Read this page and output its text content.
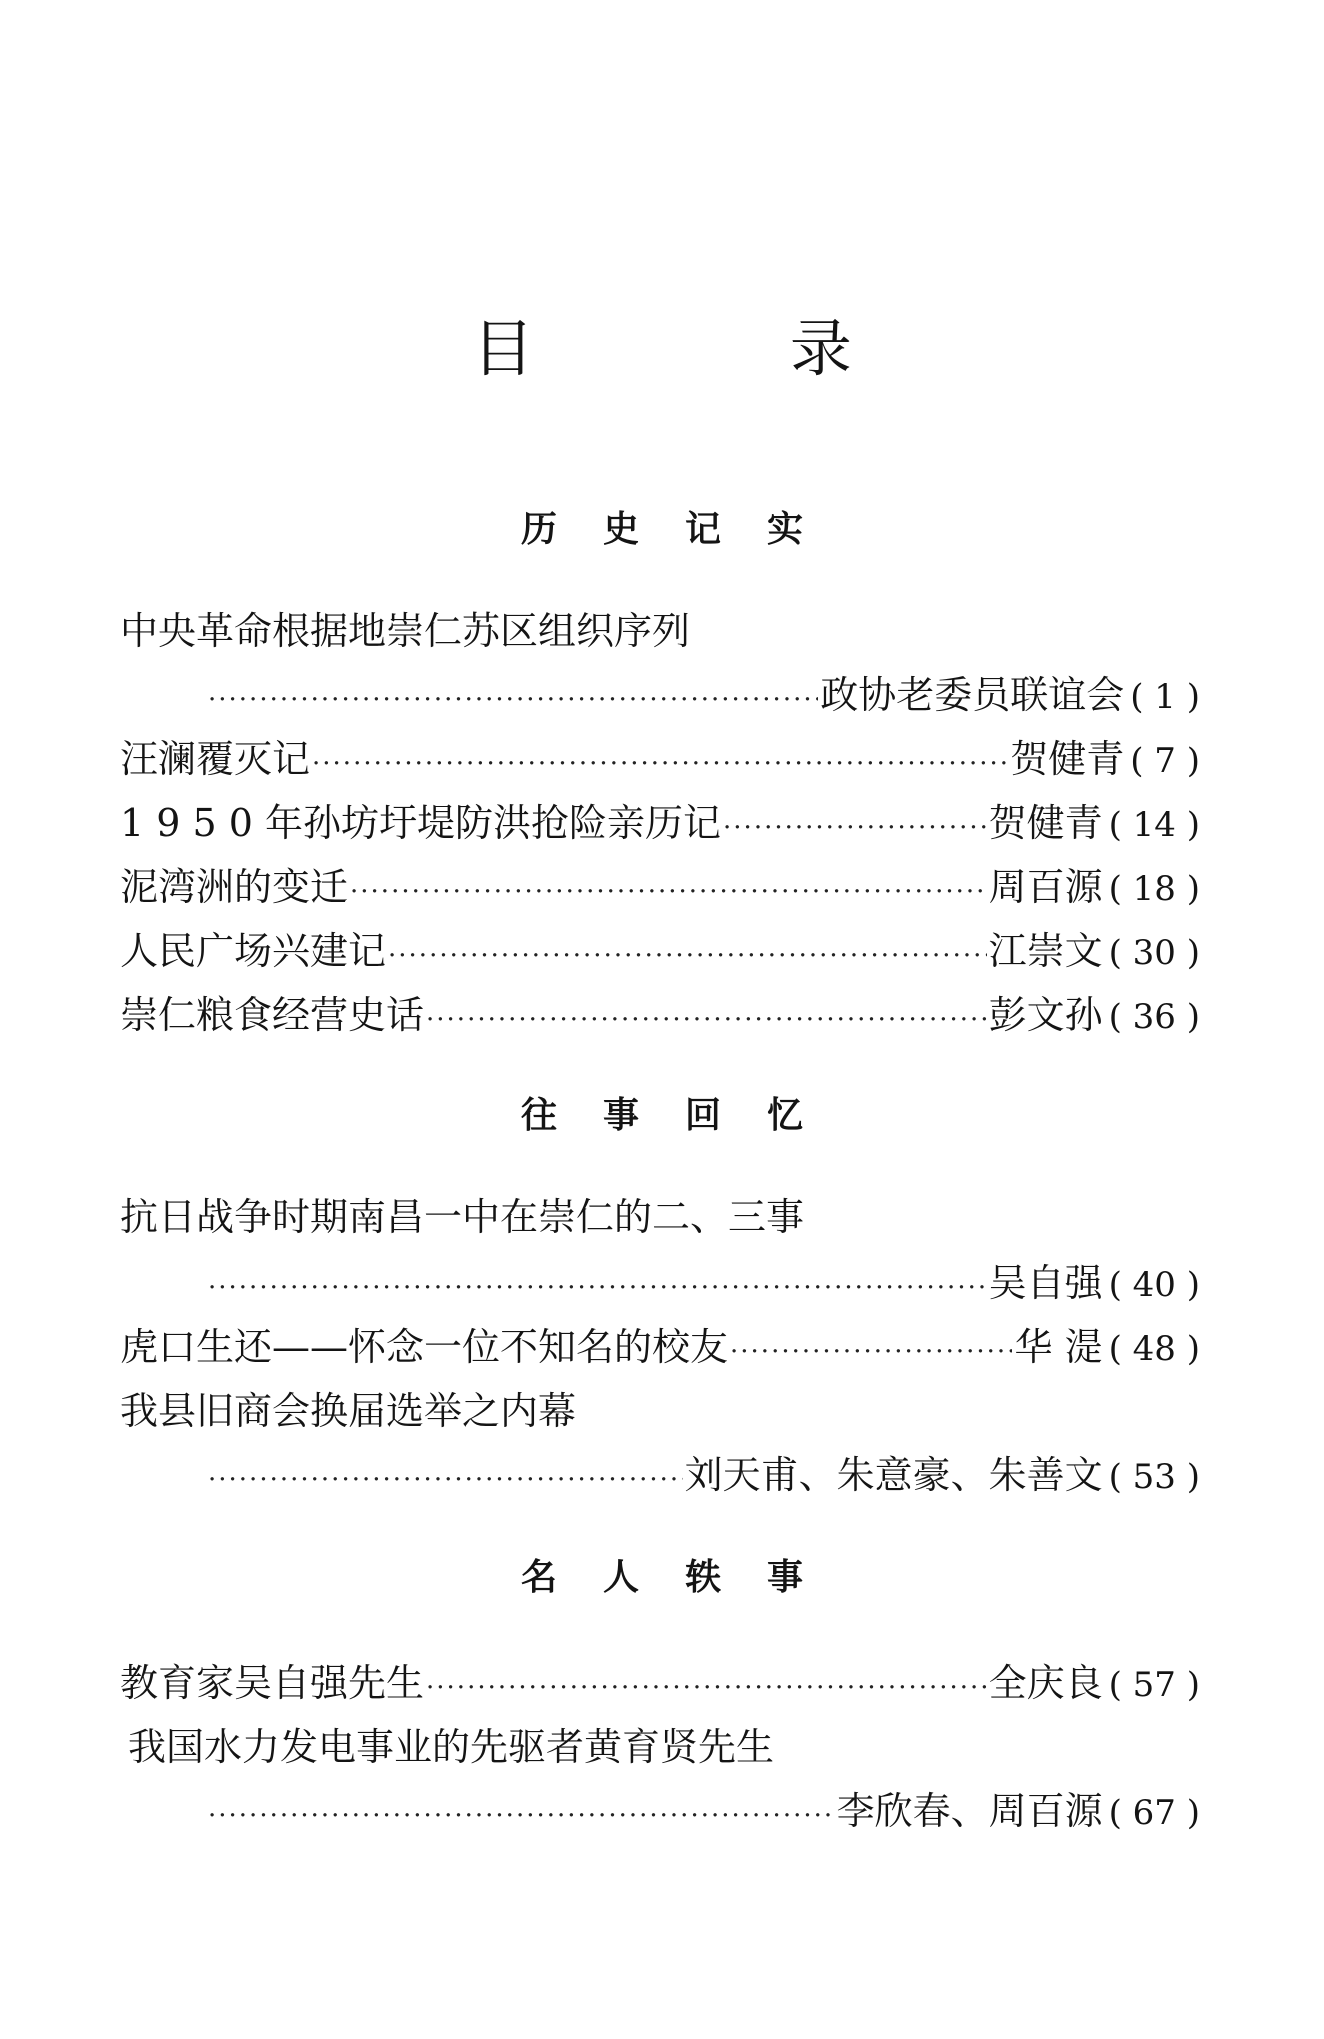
目 录
历史记实
中央革命根据地崇仁苏区组织序列
·····
政协老委员联谊会 ( 1 )
汪澜覆灭记 ·····	贺健青 ( 7 )
1 9 5 0 年孙坊圩堤防洪抢险亲历记 ·····	贺健青 ( 14 )
泥湾洲的变迁 ·····	周百源 ( 18 )
人民广场兴建记 ·····	江崇文 ( 30 )
崇仁粮食经营史话 ·····	彭文孙 ( 36 )
往事回忆
抗日战争时期南昌一中在崇仁的二、三事
·····
吴自强 ( 40 )
虎口生还——怀念一位不知名的校友 ·····	华 湜 ( 48 )
我县旧商会换届选举之内幕
·····
刘天甫、朱意豪、朱善文 ( 53 )
名人轶事
教育家吴自强先生 ·····	全庆良 ( 57 )
我国水力发电事业的先驱者黄育贤先生
·····
李欣春、周百源 ( 67 )
